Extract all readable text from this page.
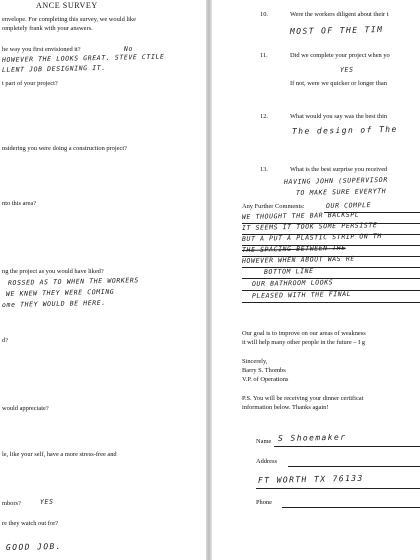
ANCE SURVEY
envelope. For completing this survey, we would like
ompletely frank with your answers.
he way you first envisioned it?	No
HOWEVER THE LOOKS GREAT. STEVE CTILE
LLENT JOB DESIGNING IT.
t part of your project?
nsidering you were doing a construction project?
nto this area?
ng the project as you would have liked?
ROSSED AS TO WHEN THE WORKERS
WE KNEW THEY WERE COMING
ome THEY WOULD BE HERE.
d?
would appreciate?
le, like your self, have a more stress-free and
mbors?	YES
re they watch out for?
GOOD JOB.
10.	Were the workers diligent about their t
MOST OF THE TIM
11.	Did we complete your project when yo
YES
If not, were we quicker or longer than
12.	What would you say was the best thin
The design of The
13.	What is the best surprise you received
HAVING JOHN (SUPERVISOR
TO MAKE SURE EVERYTH
Any Further Comments:	OUR COMPLE
WE THOUGHT THE BAR BACKSPL
IT SEEMS IT TOOK SOME PERSISTE
BUT A PUT A PLASTIC STRIP ON TH
THE SPACING BETWEEN THE
HOWEVER WHEN ABOUT WAS RE
BOTTOM LINE
OUR BATHROOM LOOKS
PLEASED WITH THE FINAL
Our goal is to improve on our areas of weakness
it will help many other people in the future – I g
Sincerely,
Barry S. Thombs
V.P. of Operations
P.S. You will be receiving your dinner certificat
information below. Thanks again!
Name S Shoemaker
Address
FT WORTH TX 76133
Phone
